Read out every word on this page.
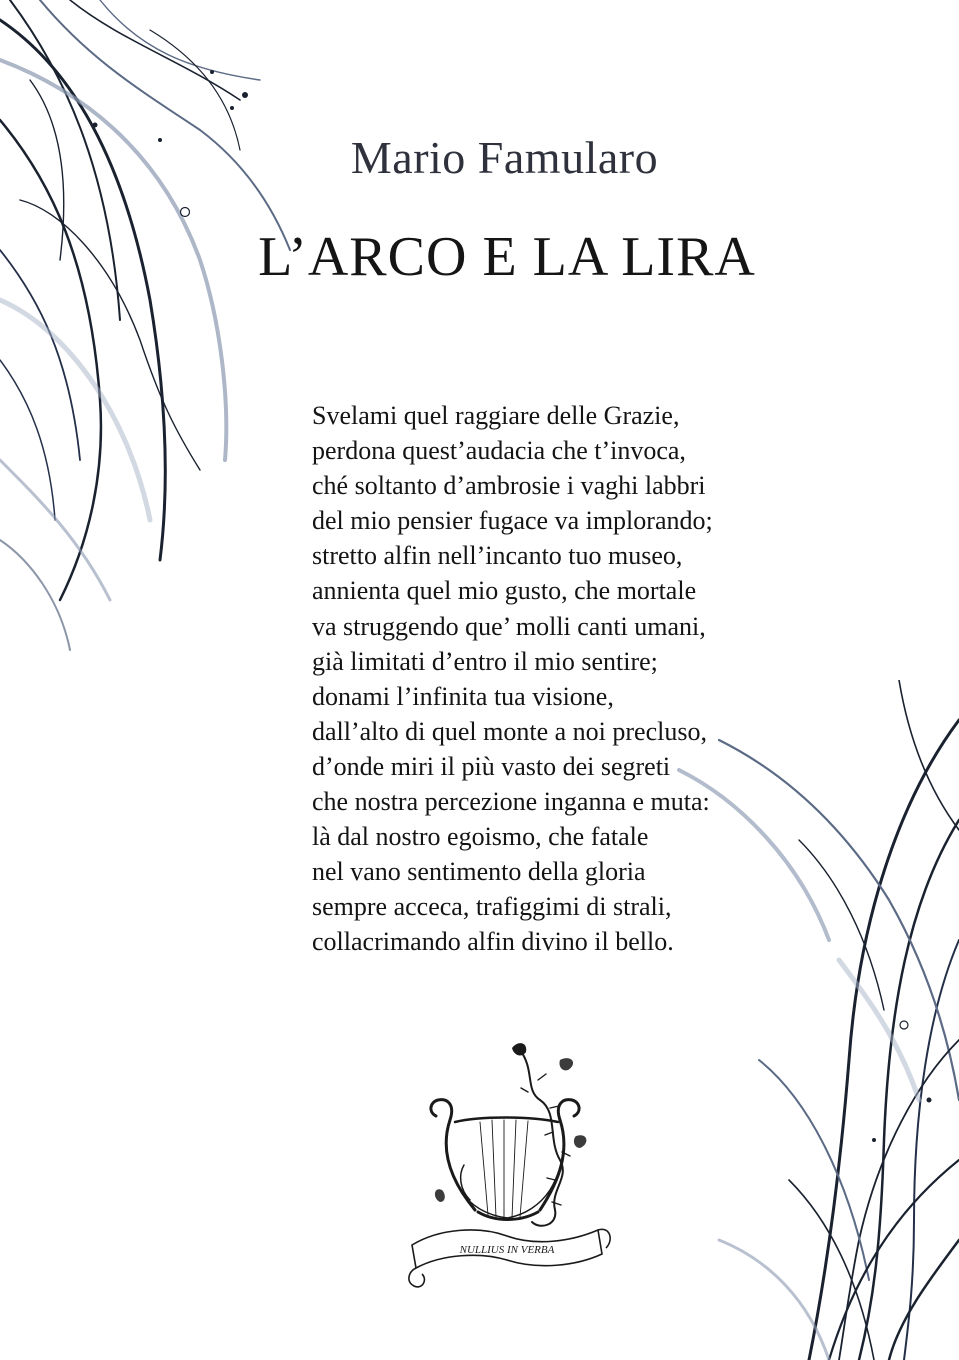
Mario Famularo
L’ARCO E LA LIRA
Svelami quel raggiare delle Grazie,
perdona quest’audacia che t’invoca,
ché soltanto d’ambrosie i vaghi labbri
del mio pensier fugace va implorando;
stretto alfin nell’incanto tuo museo,
annienta quel mio gusto, che mortale
va struggendo que’ molli canti umani,
già limitati d’entro il mio sentire;
donami l’infinita tua visione,
dall’alto di quel monte a noi precluso,
d’onde miri il più vasto dei segreti
che nostra percezione inganna e muta:
là dal nostro egoismo, che fatale
nel vano sentimento della gloria
sempre acceca, trafiggimi di strali,
collacrimando alfin divino il bello.
NULLIUS IN VERBA
